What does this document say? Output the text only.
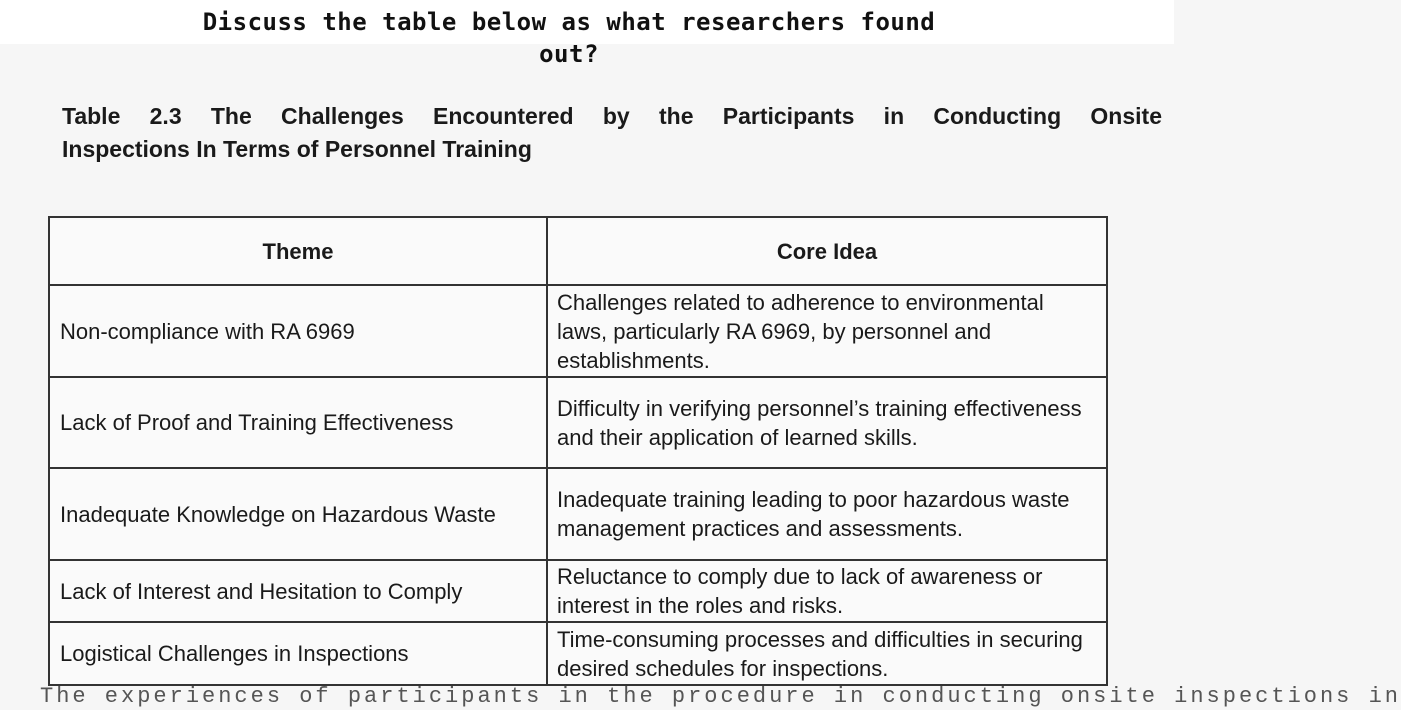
Discuss the table below as what researchers found
out?
Table 2.3 The Challenges Encountered by the Participants in Conducting Onsite
Inspections In Terms of Personnel Training
Theme	Core Idea
Non-compliance with RA 6969	Challenges related to adherence to environmental laws, particularly RA 6969, by personnel and establishments.
Lack of Proof and Training Effectiveness	Difficulty in verifying personnel’s training effectiveness and their application of learned skills.
Inadequate Knowledge on Hazardous Waste	Inadequate training leading to poor hazardous waste management practices and assessments.
Lack of Interest and Hesitation to Comply	Reluctance to comply due to lack of awareness or interest in the roles and risks.
Logistical Challenges in Inspections	Time-consuming processes and difficulties in securing desired schedules for inspections.
The experiences of participants in the procedure in conducting onsite inspections in
